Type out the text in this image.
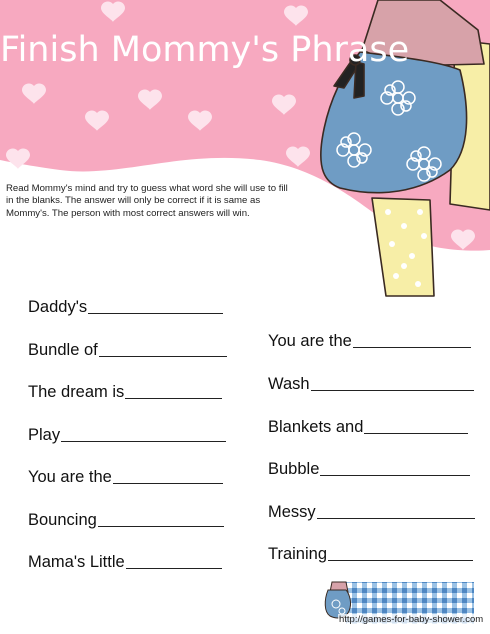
Finish Mommy's Phrase
Read Mommy's mind and try to guess what word she will use to fill in the blanks. The answer will only be correct if it is same as Mommy's. The person with most correct answers will win.
Daddy's
Bundle of
The dream is
Play
You are the
Bouncing
Mama's Little
You are the
Wash
Blankets and
Bubble
Messy
Training
http://games-for-baby-shower.com
